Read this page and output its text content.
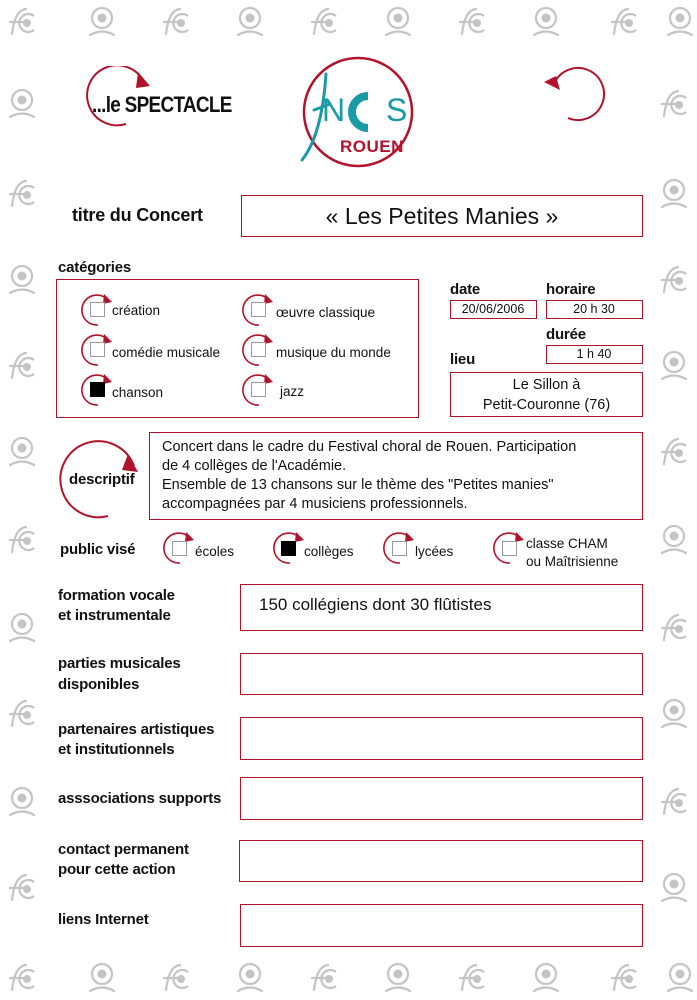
...le SPECTACLE	N S
ROUEN
titre du Concert	« Les Petites Manies »
catégories
création
comédie musicale
chanson
œuvre classique
musique du monde
jazz
date
20/06/2006
horaire
20 h 30
durée
1 h 40
lieu
Le Sillon à
Petit-Couronne (76)
descriptif
Concert dans le cadre du Festival choral de Rouen. Participation
de 4 collèges de l'Académie.
Ensemble de 13 chansons sur le thème des "Petites manies"
accompagnées par 4 musiciens professionnels.
public visé	écoles	collèges	lycées
classe CHAM
ou Maîtrisienne
formation vocale
et instrumentale
150 collégiens dont 30 flûtistes
parties musicales
disponibles
partenaires artistiques
et institutionnels
asssociations supports
contact permanent
pour cette action
liens Internet
